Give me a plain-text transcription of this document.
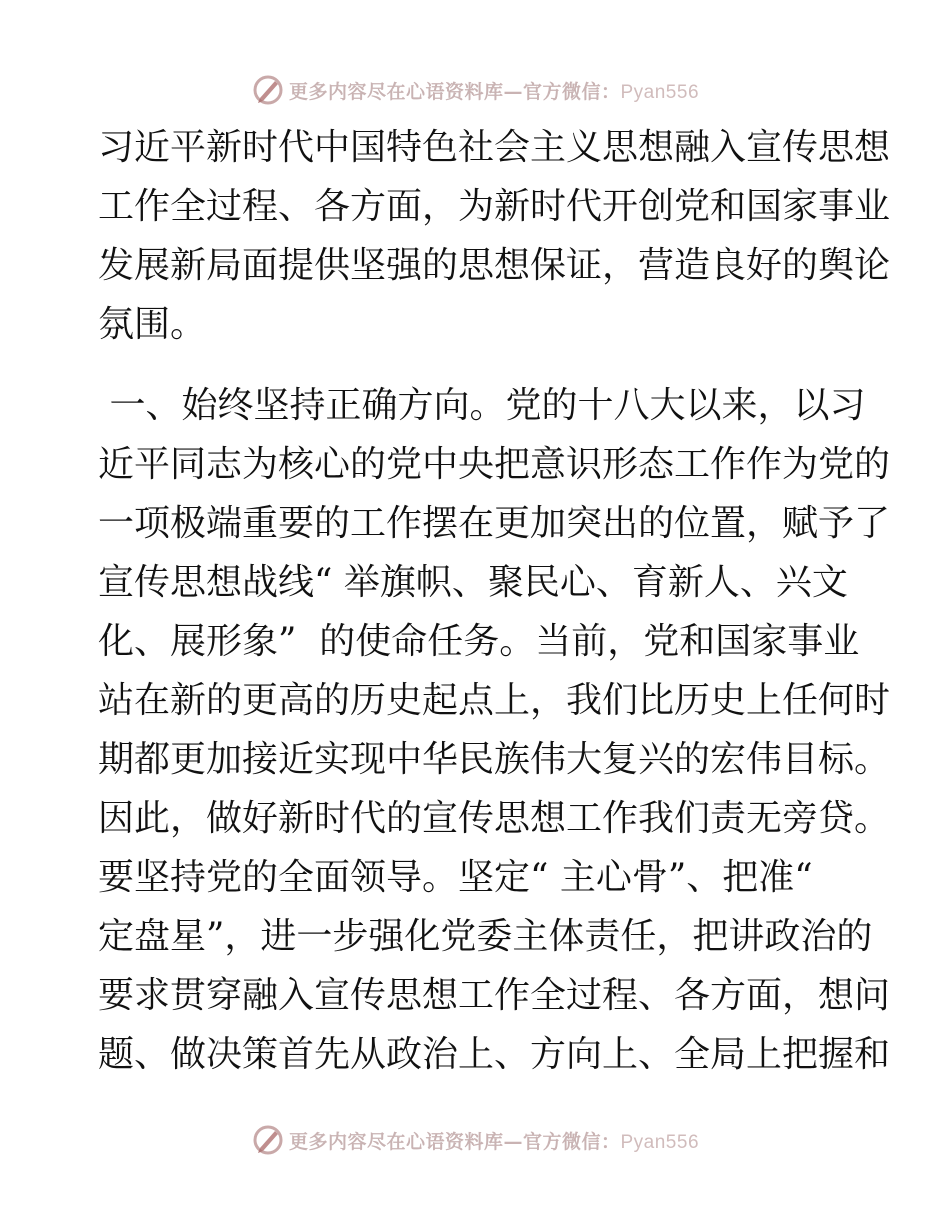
更多内容尽在心语资料库—官方微信：Pyan556
习近平新时代中国特色社会主义思想融入宣传思想
工作全过程、各方面，为新时代开创党和国家事业
发展新局面提供坚强的思想保证，营造良好的舆论
氛围。
一、始终坚持正确方向。党的十八大以来，以习
近平同志为核心的党中央把意识形态工作作为党的
一项极端重要的工作摆在更加突出的位置，赋予了
宣传思想战线“ 举旗帜、聚民心、育新人、兴文
化、展形象”  的使命任务。当前，党和国家事业
站在新的更高的历史起点上，我们比历史上任何时
期都更加接近实现中华民族伟大复兴的宏伟目标。
因此，做好新时代的宣传思想工作我们责无旁贷。
要坚持党的全面领导。坚定“ 主心骨”、把准“
定盘星”，进一步强化党委主体责任，把讲政治的
要求贯穿融入宣传思想工作全过程、各方面，想问
题、做决策首先从政治上、方向上、全局上把握和
更多内容尽在心语资料库—官方微信：Pyan556
